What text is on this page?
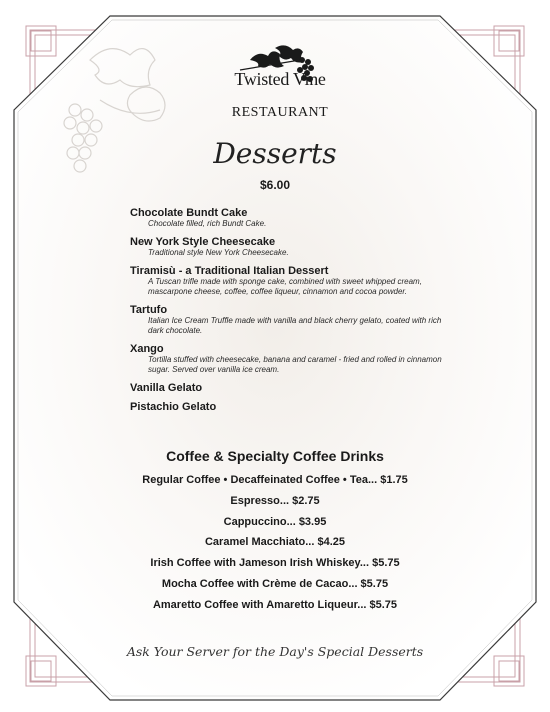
Twisted Vine
RESTAURANT
Desserts
$6.00
Chocolate Bundt Cake
Chocolate filled, rich Bundt Cake.
New York Style Cheesecake
Traditional style New York Cheesecake.
Tiramisù - a Traditional Italian Dessert
A Tuscan trifle made with sponge cake, combined with sweet whipped cream, mascarpone cheese, coffee, coffee liqueur, cinnamon and cocoa powder.
Tartufo
Italian Ice Cream Truffle made with vanilla and black cherry gelato, coated with rich dark chocolate.
Xango
Tortilla stuffed with cheesecake, banana and caramel - fried and rolled in cinnamon sugar. Served over vanilla ice cream.
Vanilla Gelato
Pistachio Gelato
Coffee & Specialty Coffee Drinks
Regular Coffee • Decaffeinated Coffee • Tea... $1.75
Espresso... $2.75
Cappuccino... $3.95
Caramel Macchiato... $4.25
Irish Coffee with Jameson Irish Whiskey... $5.75
Mocha Coffee with Crème de Cacao... $5.75
Amaretto Coffee with Amaretto Liqueur... $5.75
Ask Your Server for the Day's Special Desserts
